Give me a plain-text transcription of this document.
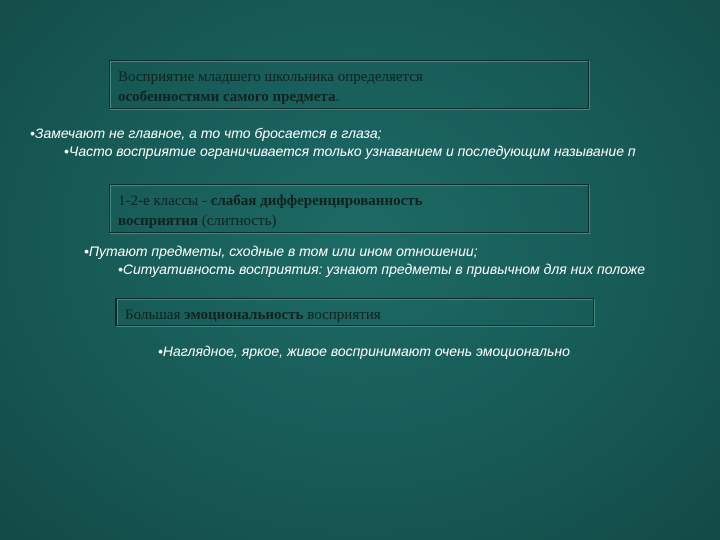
Восприятие младшего школьника определяется
особенностями самого предмета.
•Замечают не главное, а то что бросается в глаза;
•Часто восприятие ограничивается только узнаванием и последующим называние п
1-2-е классы - слабая дифференцированность
восприятия (слитность)
•Путают предметы, сходные в том или ином отношении;
•Ситуативность восприятия: узнают предметы в привычном для них положе
Большая эмоциональность восприятия
•Наглядное, яркое, живое воспринимают очень эмоционально
